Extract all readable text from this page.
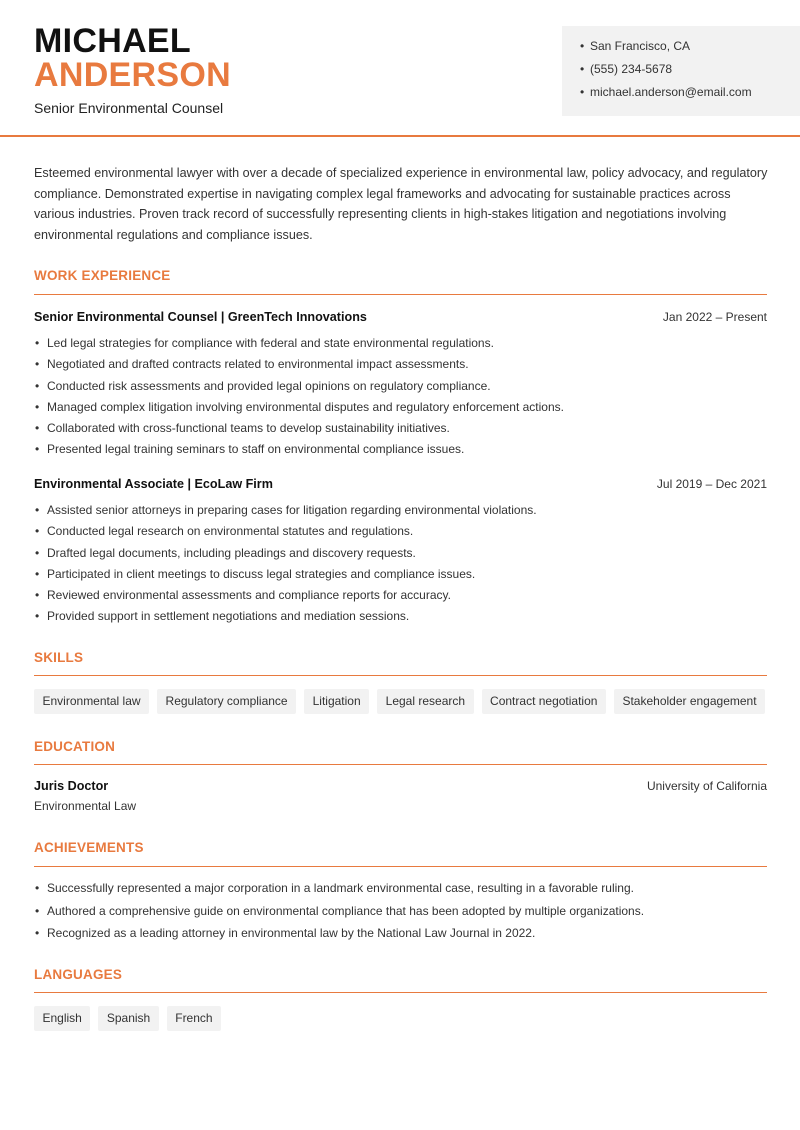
MICHAEL
ANDERSON
Senior Environmental Counsel
• San Francisco, CA
• (555) 234-5678
• michael.anderson@email.com

Esteemed environmental lawyer with over a decade of specialized experience in environmental law, policy advocacy, and regulatory compliance. Demonstrated expertise in navigating complex legal frameworks and advocating for sustainable practices across various industries. Proven track record of successfully representing clients in high-stakes litigation and negotiations involving environmental regulations and compliance issues.

WORK EXPERIENCE
Senior Environmental Counsel | GreenTech Innovations	Jan 2022 – Present
• Led legal strategies for compliance with federal and state environmental regulations.
• Negotiated and drafted contracts related to environmental impact assessments.
• Conducted risk assessments and provided legal opinions on regulatory compliance.
• Managed complex litigation involving environmental disputes and regulatory enforcement actions.
• Collaborated with cross-functional teams to develop sustainability initiatives.
• Presented legal training seminars to staff on environmental compliance issues.
Environmental Associate | EcoLaw Firm	Jul 2019 – Dec 2021
• Assisted senior attorneys in preparing cases for litigation regarding environmental violations.
• Conducted legal research on environmental statutes and regulations.
• Drafted legal documents, including pleadings and discovery requests.
• Participated in client meetings to discuss legal strategies and compliance issues.
• Reviewed environmental assessments and compliance reports for accuracy.
• Provided support in settlement negotiations and mediation sessions.
SKILLS
Environmental law	Regulatory compliance	Litigation	Legal research	Contract negotiation	Stakeholder engagement
EDUCATION
Juris Doctor	University of California
Environmental Law
ACHIEVEMENTS
• Successfully represented a major corporation in a landmark environmental case, resulting in a favorable ruling.
• Authored a comprehensive guide on environmental compliance that has been adopted by multiple organizations.
• Recognized as a leading attorney in environmental law by the National Law Journal in 2022.
LANGUAGES
English	Spanish	French
